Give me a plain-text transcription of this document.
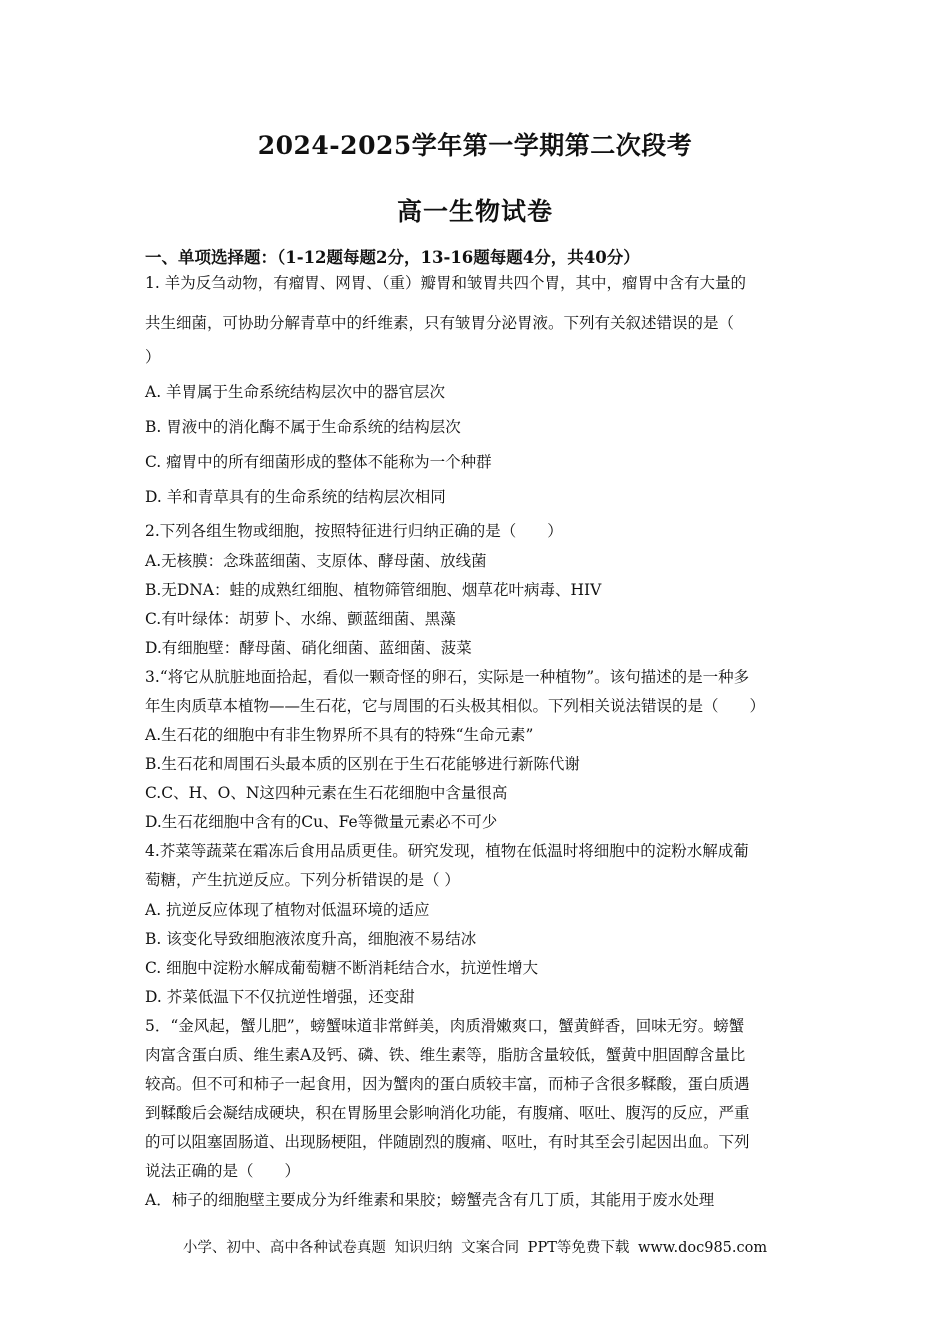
2024-2025学年第一学期第二次段考
高一生物试卷
一、单项选择题：（1-12题每题2分，13-16题每题4分，共40分）
1. 羊为反刍动物，有瘤胃、网胃、（重）瓣胃和皱胃共四个胃，其中，瘤胃中含有大量的
共生细菌，可协助分解青草中的纤维素，只有皱胃分泌胃液。下列有关叙述错误的是（
）
A. 羊胃属于生命系统结构层次中的器官层次
B. 胃液中的消化酶不属于生命系统的结构层次
C. 瘤胃中的所有细菌形成的整体不能称为一个种群
D. 羊和青草具有的生命系统的结构层次相同
2.下列各组生物或细胞，按照特征进行归纳正确的是（　　）
A.无核膜：念珠蓝细菌、支原体、酵母菌、放线菌
B.无DNA：蛙的成熟红细胞、植物筛管细胞、烟草花叶病毒、HIV
C.有叶绿体：胡萝卜、水绵、颤蓝细菌、黑藻
D.有细胞壁：酵母菌、硝化细菌、蓝细菌、菠菜
3.“将它从肮脏地面拾起，看似一颗奇怪的卵石，实际是一种植物”。该句描述的是一种多
年生肉质草本植物——生石花，它与周围的石头极其相似。下列相关说法错误的是（　　）
A.生石花的细胞中有非生物界所不具有的特殊“生命元素”
B.生石花和周围石头最本质的区别在于生石花能够进行新陈代谢
C.C、H、O、N这四种元素在生石花细胞中含量很高
D.生石花细胞中含有的Cu、Fe等微量元素必不可少
4.芥菜等蔬菜在霜冻后食用品质更佳。研究发现，植物在低温时将细胞中的淀粉水解成葡
萄糖，产生抗逆反应。下列分析错误的是（ ）
A. 抗逆反应体现了植物对低温环境的适应
B. 该变化导致细胞液浓度升高，细胞液不易结冰
C. 细胞中淀粉水解成葡萄糖不断消耗结合水，抗逆性增大
D. 芥菜低温下不仅抗逆性增强，还变甜
5．“金风起，蟹儿肥”，螃蟹味道非常鲜美，肉质滑嫩爽口，蟹黄鲜香，回味无穷。螃蟹
肉富含蛋白质、维生素A及钙、磷、铁、维生素等，脂肪含量较低，蟹黄中胆固醇含量比
较高。但不可和柿子一起食用，因为蟹肉的蛋白质较丰富，而柿子含很多鞣酸，蛋白质遇
到鞣酸后会凝结成硬块，积在胃肠里会影响消化功能，有腹痛、呕吐、腹泻的反应，严重
的可以阻塞固肠道、出现肠梗阻，伴随剧烈的腹痛、呕吐，有时其至会引起因出血。下列
说法正确的是（　　）
A．柿子的细胞壁主要成分为纤维素和果胶；螃蟹壳含有几丁质，其能用于废水处理
小学、初中、高中各种试卷真题 知识归纳 文案合同 PPT等免费下载 www.doc985.com
